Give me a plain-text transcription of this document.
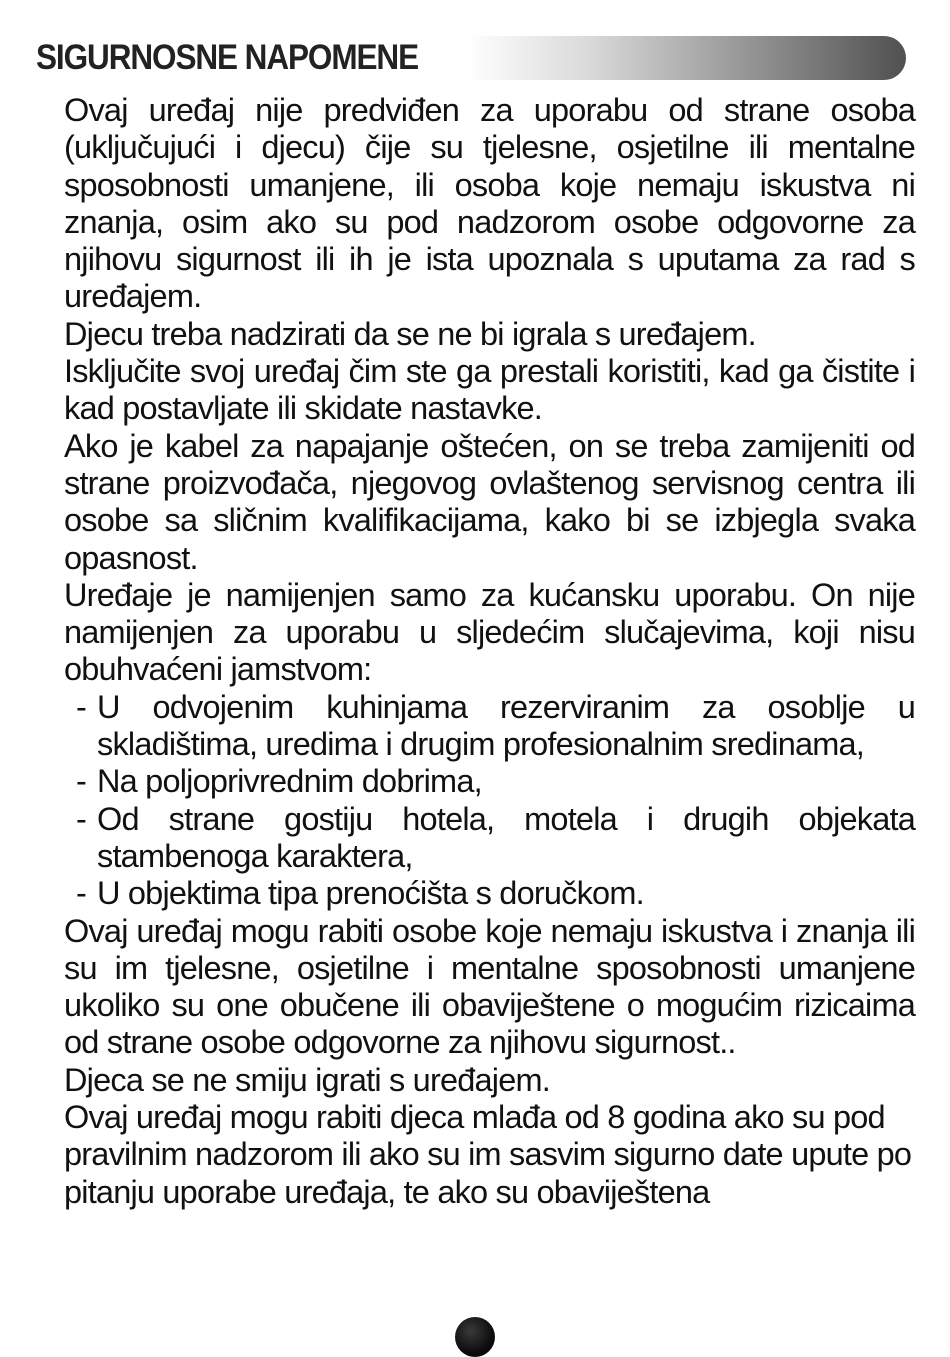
SIGURNOSNE NAPOMENE

Ovaj uređaj nije predviđen za uporabu od strane osoba (uključujući i djecu) čije su tjelesne, osjetilne ili mentalne sposobnosti umanjene, ili osoba koje nemaju iskustva ni znanja, osim ako su pod nadzorom osobe odgovorne za njihovu sigurnost ili ih je ista upoznala s uputama za rad s uređajem.

Djecu treba nadzirati da se ne bi igrala s uređajem.

Isključite svoj uređaj čim ste ga prestali koristiti, kad ga čistite i kad postavljate ili skidate nastavke.

Ako je kabel za napajanje oštećen, on se treba zamijeniti od strane proizvođača, njegovog ovlaštenog servisnog centra ili osobe sa sličnim kvalifikacijama, kako bi se izbjegla svaka opasnost.

Uređaje je namijenjen samo za kućansku uporabu. On nije namijenjen za uporabu u sljedećim slučajevima, koji nisu obuhvaćeni jamstvom:

- U odvojenim kuhinjama rezerviranim za osoblje u skladištima, uredima i drugim profesionalnim sredinama,
- Na poljoprivrednim dobrima,
- Od strane gostiju hotela, motela i drugih objekata stambenoga karaktera,
- U objektima tipa prenoćišta s doručkom.

Ovaj uređaj mogu rabiti osobe koje nemaju iskustva i znanja ili su im tjelesne, osjetilne i mentalne sposobnosti umanjene ukoliko su one obučene ili obaviještene o mogućim rizicaima od strane osobe odgovorne za njihovu sigurnost..

Djeca se ne smiju igrati s uređajem.

Ovaj uređaj mogu rabiti djeca mlađa od 8 godina ako su pod pravilnim nadzorom ili ako su im sasvim sigurno date upute po pitanju uporabe uređaja, te ako su obaviještena
